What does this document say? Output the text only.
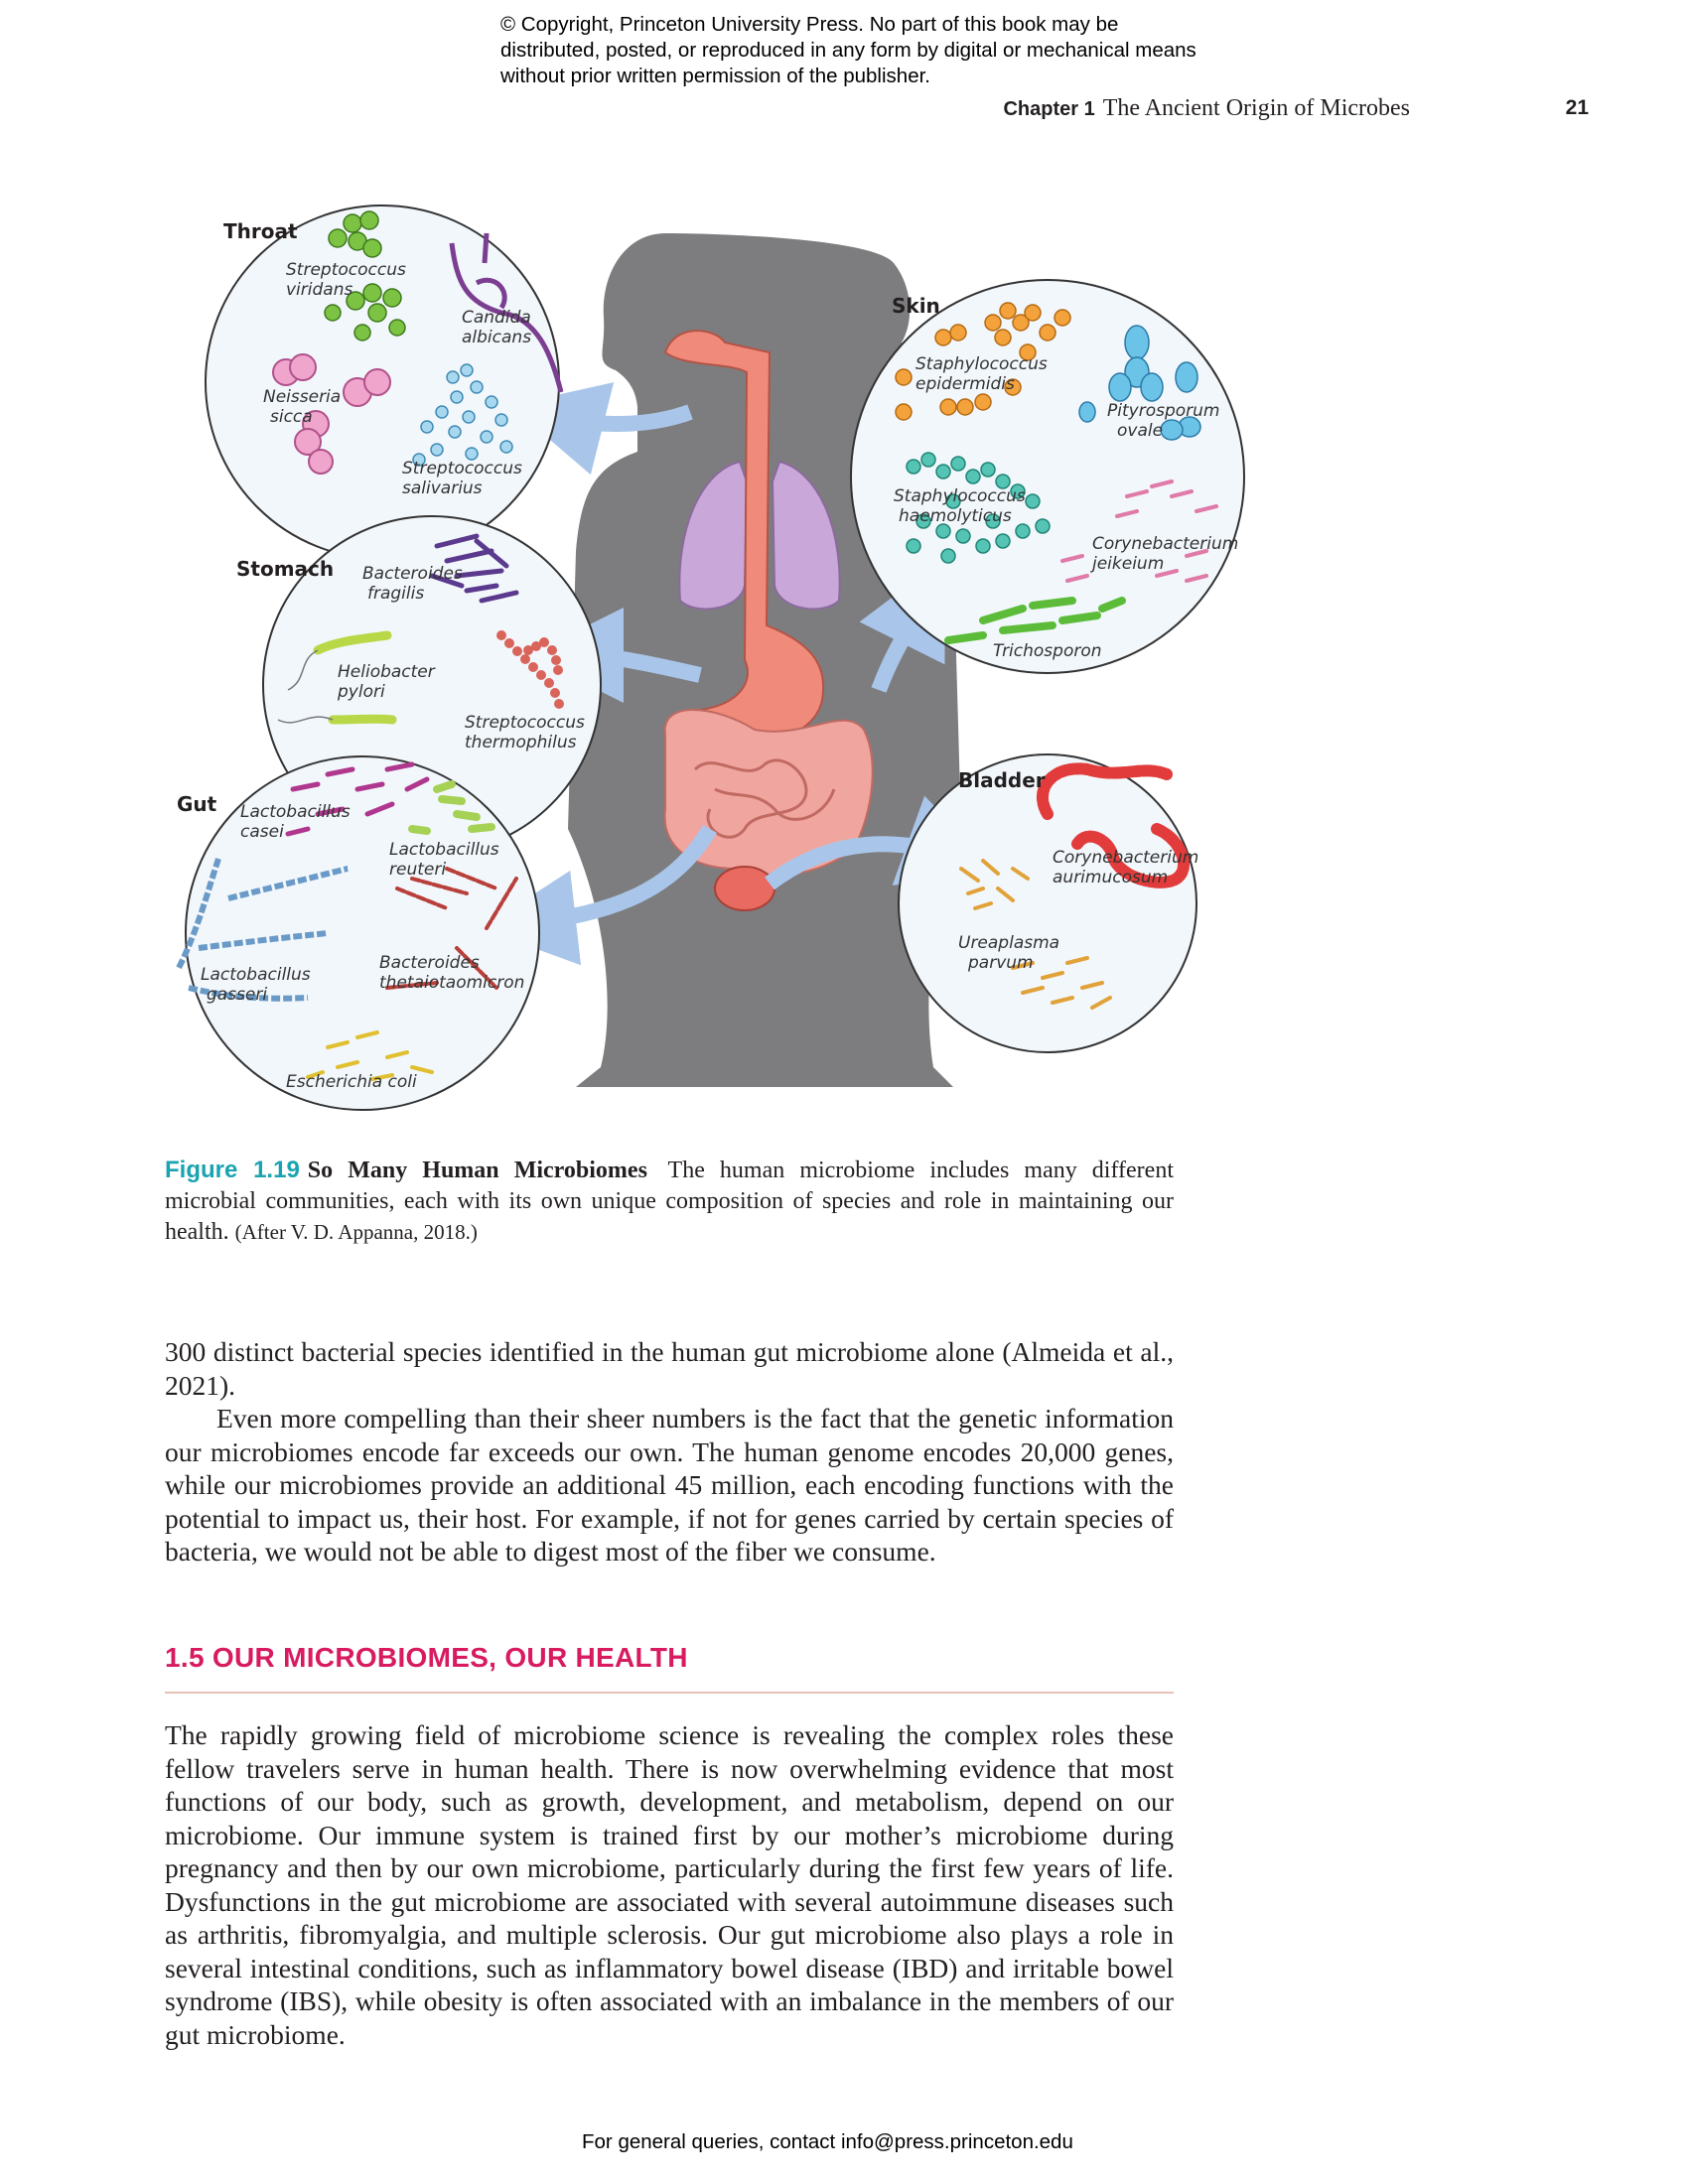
© Copyright, Princeton University Press. No part of this book may be distributed, posted, or reproduced in any form by digital or mechanical means without prior written permission of the publisher.
Chapter 1 The Ancient Origin of Microbes	21
Throat
Streptococcus
viridans
Candida
albicans
Neisseria
sicca
Streptococcus
salivarius
Stomach Bacteroides
fragilis
Heliobacter
pylori
Streptococcus
thermophilus
Gut Lactobacillus
casei
Lactobacillus
reuteri
Lactobacillus
gasseri
Bacteroides
thetaiotaomicron
Escherichia coli
Skin
Staphylococcus
epidermidis
Pityrosporum
ovale
Staphylococcus
haemolyticus
Corynebacterium
jeikeium
Trichosporon
Bladder
Corynebacterium
aurimucosum
Ureaplasma
parvum
Figure 1.19 So Many Human Microbiomes The human microbiome includes many different microbial communities, each with its own unique composition of species and role in maintaining our health. (After V. D. Appanna, 2018.)
300 distinct bacterial species identified in the human gut microbiome alone (Almeida et al., 2021).
Even more compelling than their sheer numbers is the fact that the genetic information our microbiomes encode far exceeds our own. The human genome encodes 20,000 genes, while our microbiomes provide an additional 45 million, each encoding functions with the potential to impact us, their host. For example, if not for genes carried by certain species of bacteria, we would not be able to digest most of the fiber we consume.
1.5 OUR MICROBIOMES, OUR HEALTH
The rapidly growing field of microbiome science is revealing the complex roles these fellow travelers serve in human health. There is now overwhelming evidence that most functions of our body, such as growth, development, and metabolism, depend on our microbiome. Our immune system is trained first by our mother’s microbiome during pregnancy and then by our own microbiome, particularly during the first few years of life. Dysfunctions in the gut microbiome are associated with several autoimmune diseases such as arthritis, fibromyalgia, and multiple sclerosis. Our gut microbiome also plays a role in several intestinal conditions, such as inflammatory bowel disease (IBD) and irritable bowel syndrome (IBS), while obesity is often associated with an imbalance in the members of our gut microbiome.
For general queries, contact info@press.princeton.edu
